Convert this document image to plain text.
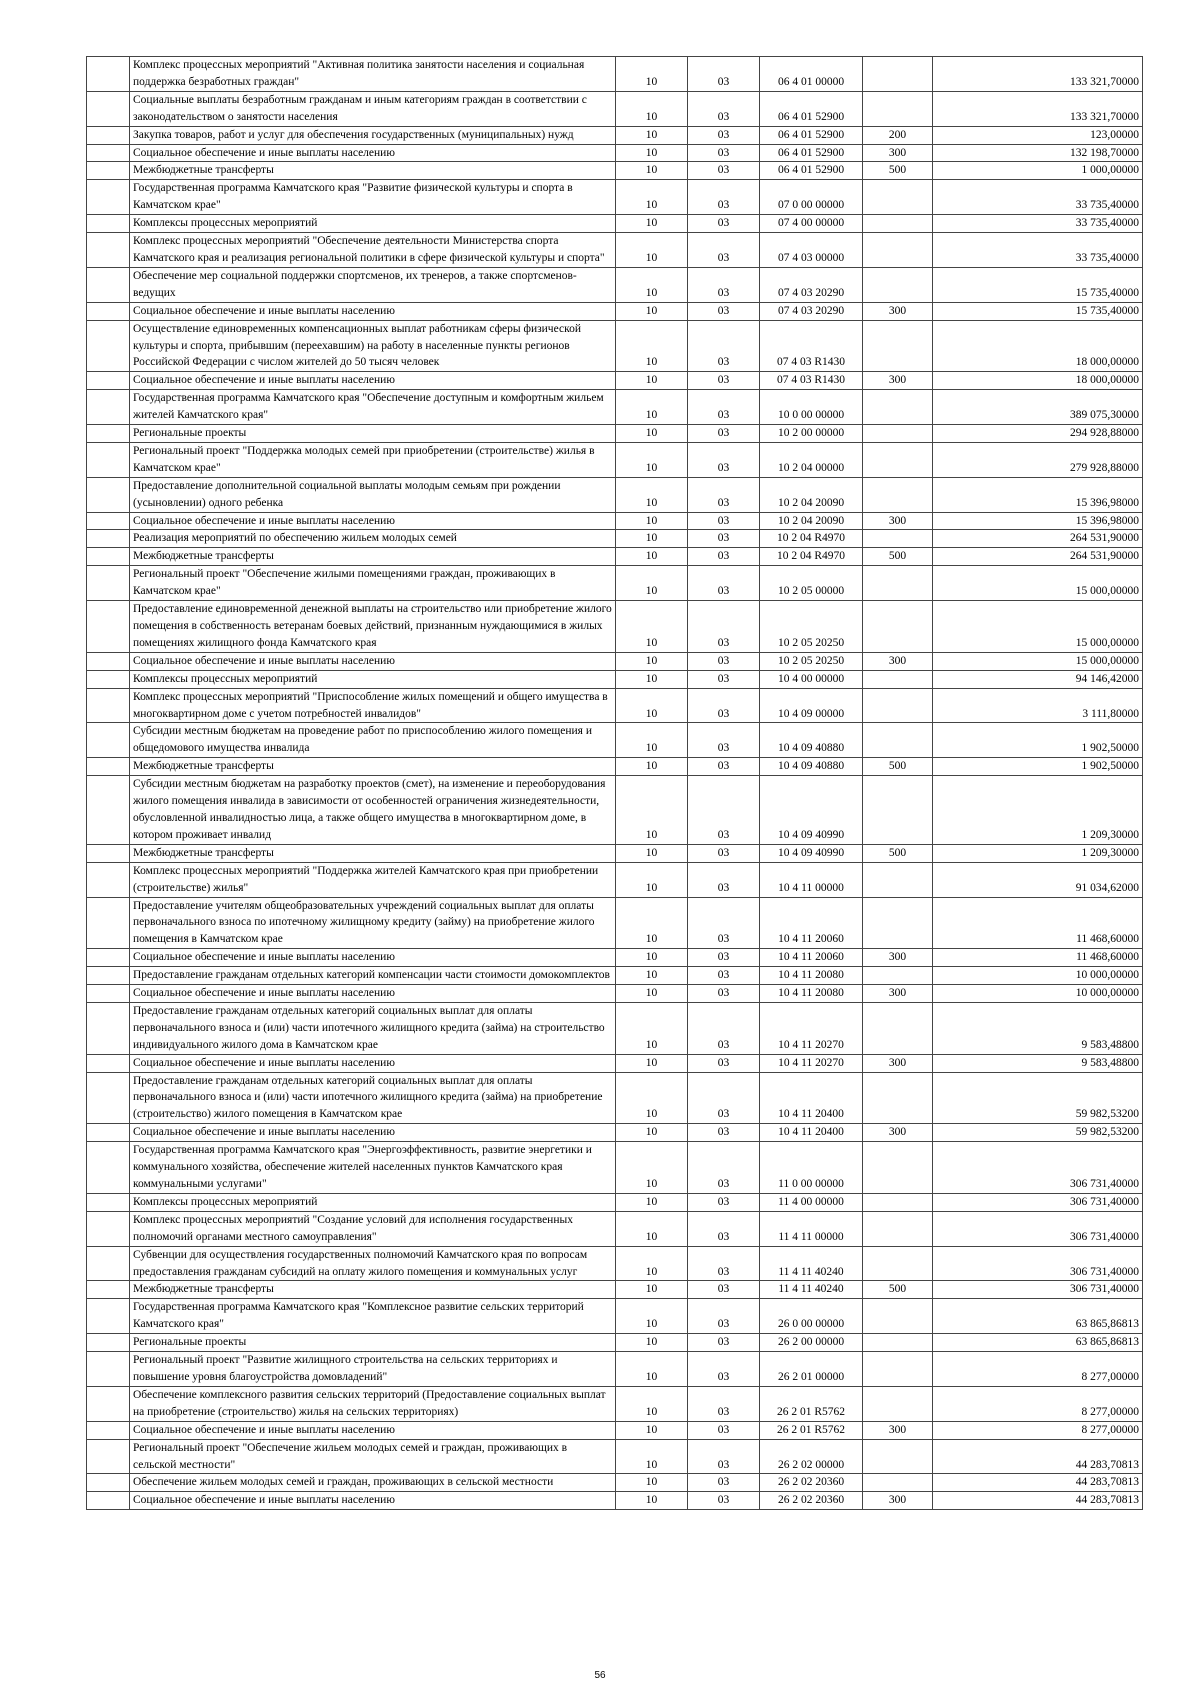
	Комплекс процессных мероприятий "Активная политика занятости населения и социальная поддержка безработных граждан"	10	03	06 4 01 00000		133 321,70000
	Социальные выплаты безработным гражданам и иным категориям граждан в соответствии с законодательством о занятости населения	10	03	06 4 01 52900		133 321,70000
	Закупка товаров, работ и услуг для обеспечения государственных (муниципальных) нужд	10	03	06 4 01 52900	200	123,00000
	Социальное обеспечение и иные выплаты населению	10	03	06 4 01 52900	300	132 198,70000
	Межбюджетные трансферты	10	03	06 4 01 52900	500	1 000,00000
	Государственная программа Камчатского края "Развитие физической культуры и спорта в Камчатском крае"	10	03	07 0 00 00000		33 735,40000
	Комплексы процессных мероприятий	10	03	07 4 00 00000		33 735,40000
	Комплекс процессных мероприятий "Обеспечение деятельности Министерства спорта Камчатского края и реализация региональной политики в сфере физической культуры и спорта"	10	03	07 4 03 00000		33 735,40000
	Обеспечение мер социальной поддержки спортсменов, их тренеров, а также спортсменов-ведущих	10	03	07 4 03 20290		15 735,40000
	Социальное обеспечение и иные выплаты населению	10	03	07 4 03 20290	300	15 735,40000
	Осуществление единовременных компенсационных выплат работникам сферы физической культуры и спорта, прибывшим (переехавшим) на работу в населенные пункты регионов Российской Федерации с числом жителей до 50 тысяч человек	10	03	07 4 03 R1430		18 000,00000
	Социальное обеспечение и иные выплаты населению	10	03	07 4 03 R1430	300	18 000,00000
	Государственная программа Камчатского края "Обеспечение доступным и комфортным жильем жителей Камчатского края"	10	03	10 0 00 00000		389 075,30000
	Региональные проекты	10	03	10 2 00 00000		294 928,88000
	Региональный проект "Поддержка молодых семей при приобретении (строительстве) жилья в Камчатском крае"	10	03	10 2 04 00000		279 928,88000
	Предоставление дополнительной социальной выплаты молодым семьям при рождении (усыновлении) одного ребенка	10	03	10 2 04 20090		15 396,98000
	Социальное обеспечение и иные выплаты населению	10	03	10 2 04 20090	300	15 396,98000
	Реализация мероприятий по обеспечению жильем молодых семей	10	03	10 2 04 R4970		264 531,90000
	Межбюджетные трансферты	10	03	10 2 04 R4970	500	264 531,90000
	Региональный проект "Обеспечение жилыми помещениями граждан, проживающих в Камчатском крае"	10	03	10 2 05 00000		15 000,00000
	Предоставление единовременной денежной выплаты на строительство или приобретение жилого помещения в собственность ветеранам боевых действий, признанным нуждающимися в жилых помещениях жилищного фонда Камчатского края	10	03	10 2 05 20250		15 000,00000
	Социальное обеспечение и иные выплаты населению	10	03	10 2 05 20250	300	15 000,00000
	Комплексы процессных мероприятий	10	03	10 4 00 00000		94 146,42000
	Комплекс процессных мероприятий "Приспособление жилых помещений и общего имущества в многоквартирном доме с учетом потребностей инвалидов"	10	03	10 4 09 00000		3 111,80000
	Субсидии местным бюджетам на проведение работ по приспособлению жилого помещения и общедомового имущества инвалида	10	03	10 4 09 40880		1 902,50000
	Межбюджетные трансферты	10	03	10 4 09 40880	500	1 902,50000
	Субсидии местным бюджетам на разработку проектов (смет), на изменение и переоборудования жилого помещения инвалида в зависимости от особенностей ограничения жизнедеятельности, обусловленной инвалидностью лица, а также общего имущества в многоквартирном доме, в котором проживает инвалид	10	03	10 4 09 40990		1 209,30000
	Межбюджетные трансферты	10	03	10 4 09 40990	500	1 209,30000
	Комплекс процессных мероприятий "Поддержка жителей Камчатского края при приобретении (строительстве) жилья"	10	03	10 4 11 00000		91 034,62000
	Предоставление учителям общеобразовательных учреждений социальных выплат для оплаты первоначального взноса по ипотечному жилищному кредиту (займу) на приобретение жилого помещения в Камчатском крае	10	03	10 4 11 20060		11 468,60000
	Социальное обеспечение и иные выплаты населению	10	03	10 4 11 20060	300	11 468,60000
	Предоставление гражданам отдельных категорий компенсации части стоимости домокомплектов	10	03	10 4 11 20080		10 000,00000
	Социальное обеспечение и иные выплаты населению	10	03	10 4 11 20080	300	10 000,00000
	Предоставление гражданам отдельных категорий социальных выплат для оплаты первоначального взноса и (или) части ипотечного жилищного кредита (займа) на строительство индивидуального жилого дома в Камчатском крае	10	03	10 4 11 20270		9 583,48800
	Социальное обеспечение и иные выплаты населению	10	03	10 4 11 20270	300	9 583,48800
	Предоставление гражданам отдельных категорий социальных выплат для оплаты первоначального взноса и (или) части ипотечного жилищного кредита (займа) на приобретение (строительство) жилого помещения в Камчатском крае	10	03	10 4 11 20400		59 982,53200
	Социальное обеспечение и иные выплаты населению	10	03	10 4 11 20400	300	59 982,53200
	Государственная программа Камчатского края "Энергоэффективность, развитие энергетики и коммунального хозяйства, обеспечение жителей населенных пунктов Камчатского края коммунальными услугами"	10	03	11 0 00 00000		306 731,40000
	Комплексы процессных мероприятий	10	03	11 4 00 00000		306 731,40000
	Комплекс процессных мероприятий "Создание условий для исполнения государственных полномочий органами местного самоуправления"	10	03	11 4 11 00000		306 731,40000
	Субвенции для осуществления государственных полномочий Камчатского края по вопросам предоставления гражданам субсидий на оплату жилого помещения и коммунальных услуг	10	03	11 4 11 40240		306 731,40000
	Межбюджетные трансферты	10	03	11 4 11 40240	500	306 731,40000
	Государственная программа Камчатского края "Комплексное развитие сельских территорий Камчатского края"	10	03	26 0 00 00000		63 865,86813
	Региональные проекты	10	03	26 2 00 00000		63 865,86813
	Региональный проект "Развитие жилищного строительства на сельских территориях и повышение уровня благоустройства домовладений"	10	03	26 2 01 00000		8 277,00000
	Обеспечение комплексного развития сельских территорий (Предоставление социальных выплат на приобретение (строительство) жилья на сельских территориях)	10	03	26 2 01 R5762		8 277,00000
	Социальное обеспечение и иные выплаты населению	10	03	26 2 01 R5762	300	8 277,00000
	Региональный проект "Обеспечение жильем молодых семей и граждан, проживающих в сельской местности"	10	03	26 2 02 00000		44 283,70813
	Обеспечение жильем молодых семей и граждан, проживающих в сельской местности	10	03	26 2 02 20360		44 283,70813
	Социальное обеспечение и иные выплаты населению	10	03	26 2 02 20360	300	44 283,70813
56
